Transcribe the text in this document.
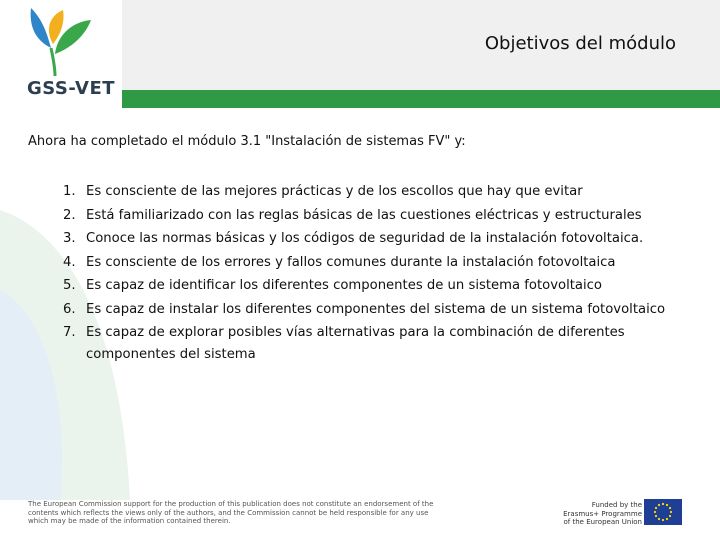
GSS-VET
Objetivos del módulo
Ahora ha completado el módulo 3.1 "Instalación de sistemas FV" y:
1. Es consciente de las mejores prácticas y de los escollos que hay que evitar
2. Está familiarizado con las reglas básicas de las cuestiones eléctricas y estructurales
3. Conoce las normas básicas y los códigos de seguridad de la instalación fotovoltaica.
4. Es consciente de los errores y fallos comunes durante la instalación fotovoltaica
5. Es capaz de identificar los diferentes componentes de un sistema fotovoltaico
6. Es capaz de instalar los diferentes componentes del sistema de un sistema fotovoltaico
7. Es capaz de explorar posibles vías alternativas para la combinación de diferentes componentes del sistema
The European Commission support for the production of this publication does not constitute an endorsement of the contents which reflects the views only of the authors, and the Commission cannot be held responsible for any use which may be made of the information contained therein.
Funded by the Erasmus+ Programme of the European Union
